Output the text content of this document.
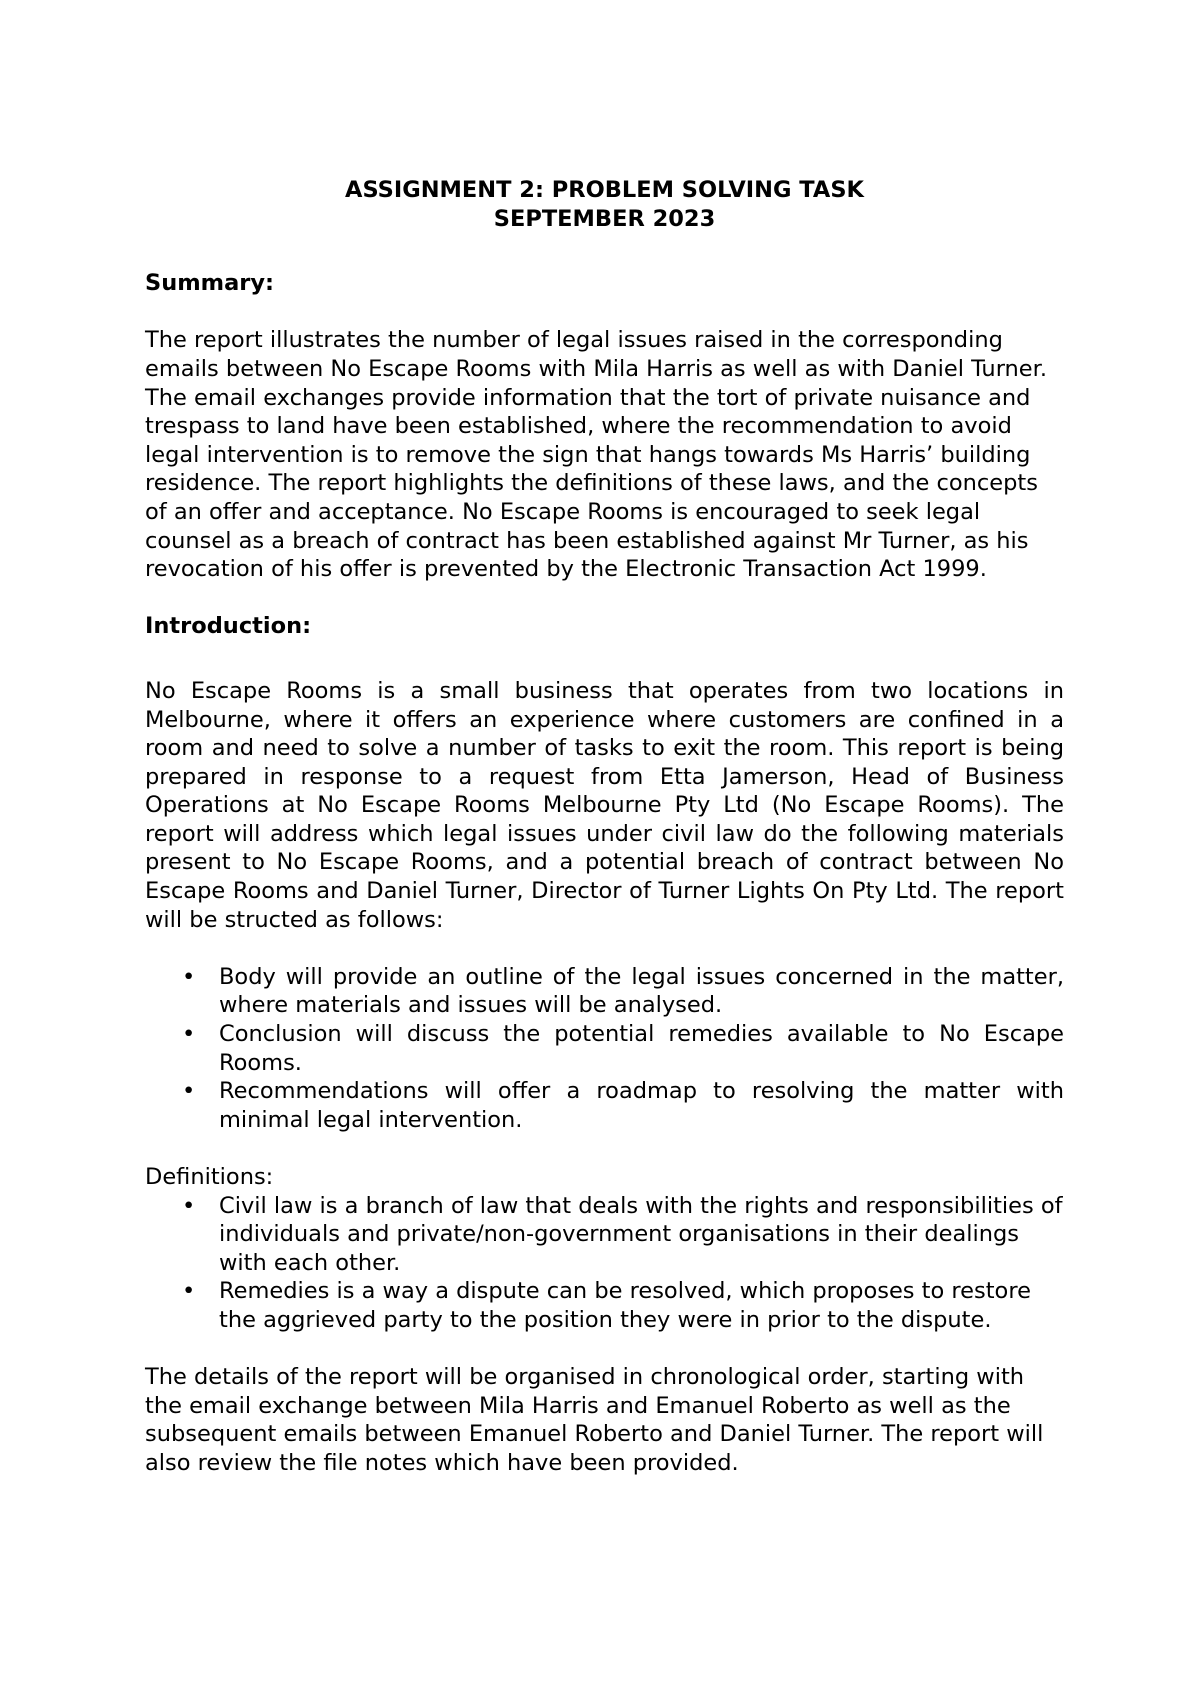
ASSIGNMENT 2: PROBLEM SOLVING TASK

SEPTEMBER 2023

Summary:

The report illustrates the number of legal issues raised in the corresponding emails between No Escape Rooms with Mila Harris as well as with Daniel Turner. The email exchanges provide information that the tort of private nuisance and trespass to land have been established, where the recommendation to avoid legal intervention is to remove the sign that hangs towards Ms Harris’ building residence. The report highlights the definitions of these laws, and the concepts of an offer and acceptance. No Escape Rooms is encouraged to seek legal counsel as a breach of contract has been established against Mr Turner, as his revocation of his offer is prevented by the Electronic Transaction Act 1999.

Introduction:

No Escape Rooms is a small business that operates from two locations in Melbourne, where it offers an experience where customers are confined in a room and need to solve a number of tasks to exit the room. This report is being prepared in response to a request from Etta Jamerson, Head of Business Operations at No Escape Rooms Melbourne Pty Ltd (No Escape Rooms). The report will address which legal issues under civil law do the following materials present to No Escape Rooms, and a potential breach of contract between No Escape Rooms and Daniel Turner, Director of Turner Lights On Pty Ltd. The report will be structed as follows:

• Body will provide an outline of the legal issues concerned in the matter, where materials and issues will be analysed.
• Conclusion will discuss the potential remedies available to No Escape Rooms.
• Recommendations will offer a roadmap to resolving the matter with minimal legal intervention.

Definitions:

• Civil law is a branch of law that deals with the rights and responsibilities of individuals and private/non-government organisations in their dealings with each other.
• Remedies is a way a dispute can be resolved, which proposes to restore the aggrieved party to the position they were in prior to the dispute.

The details of the report will be organised in chronological order, starting with the email exchange between Mila Harris and Emanuel Roberto as well as the subsequent emails between Emanuel Roberto and Daniel Turner. The report will also review the file notes which have been provided.
